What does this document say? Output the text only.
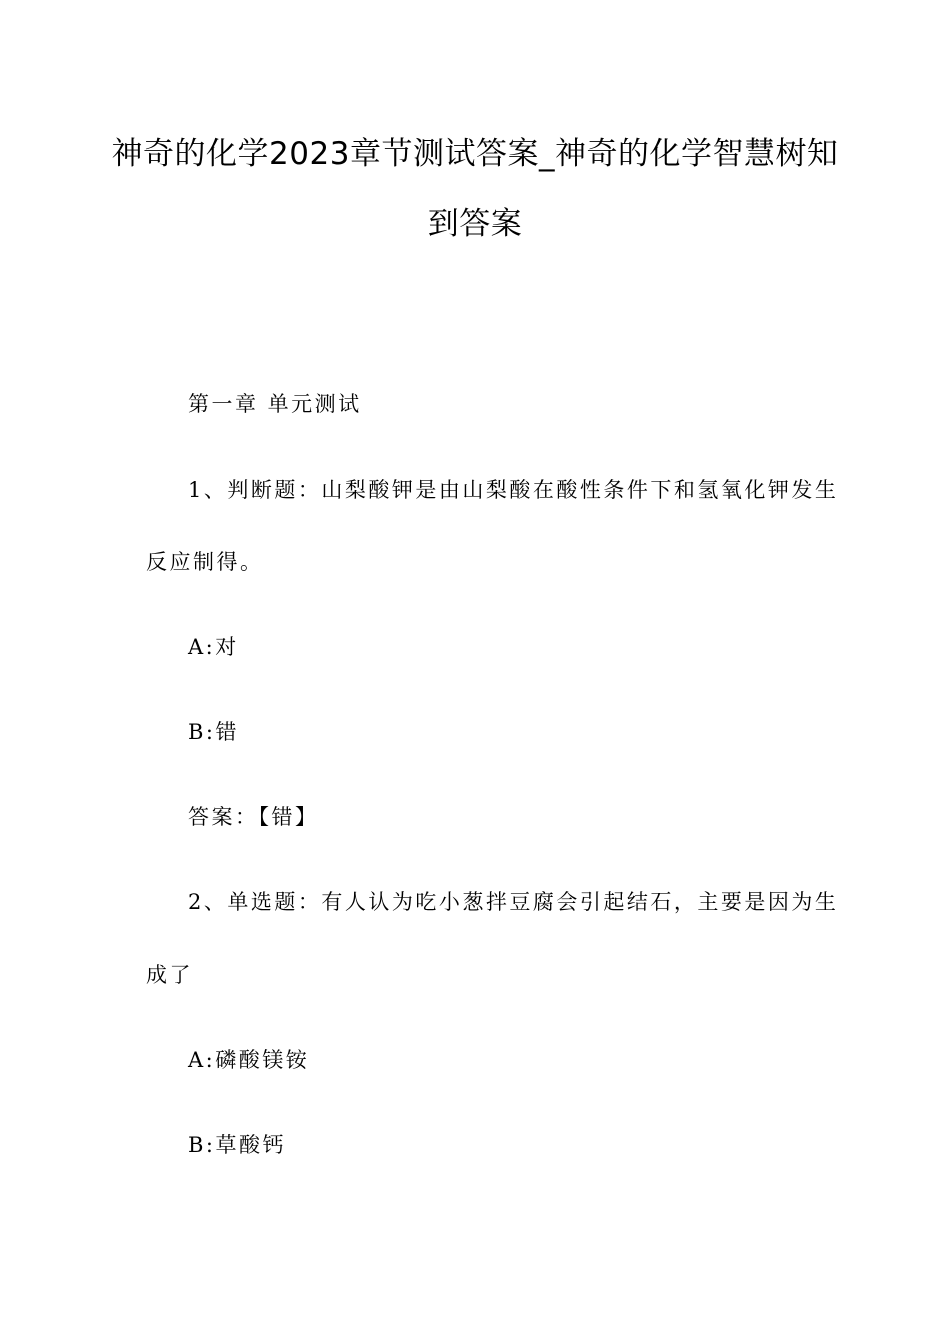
神奇的化学2023章节测试答案_神奇的化学智慧树知
到答案
第一章 单元测试
1、判断题：山梨酸钾是由山梨酸在酸性条件下和氢氧化钾发生
反应制得。
A:对
B:错
答案：【错】
2、单选题：有人认为吃小葱拌豆腐会引起结石，主要是因为生
成了
A:磷酸镁铵
B:草酸钙
